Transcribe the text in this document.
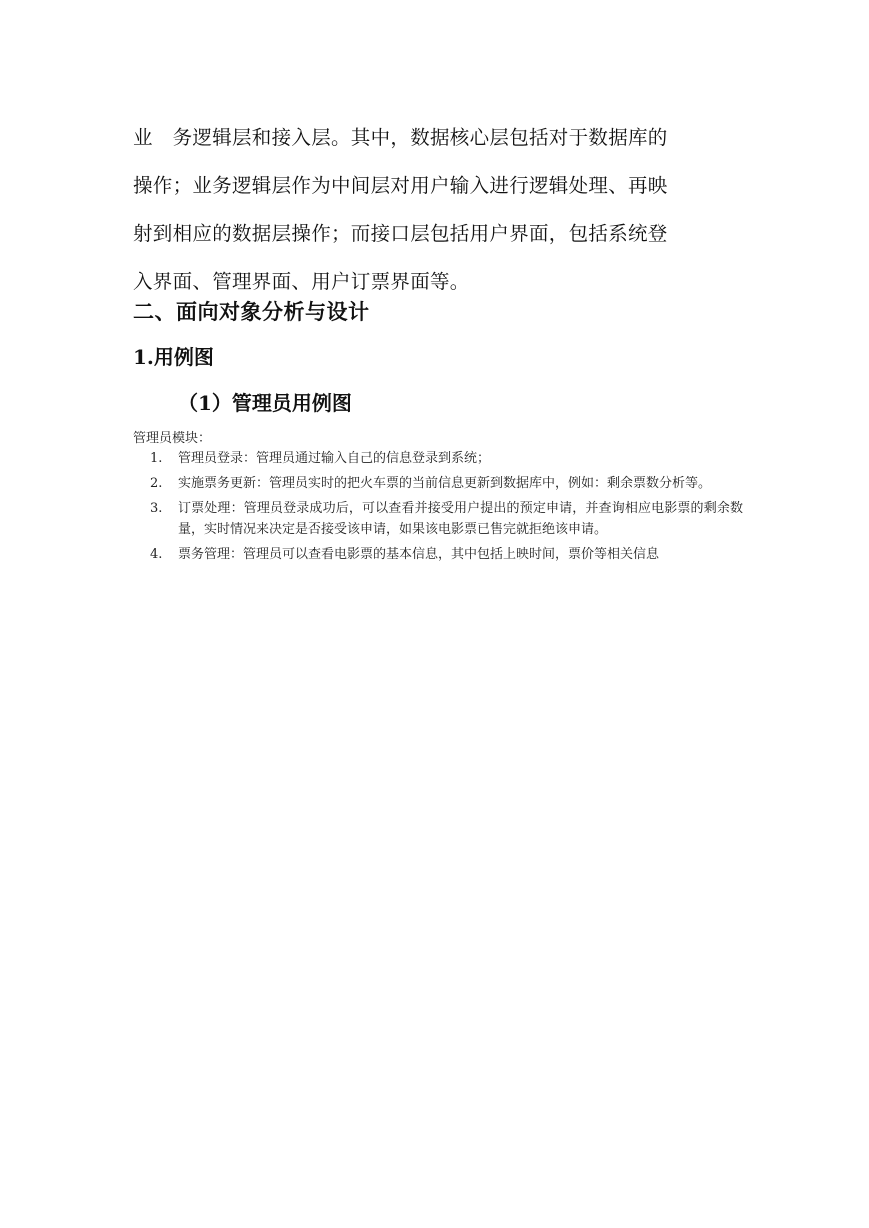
业　务逻辑层和接入层。其中，数据核心层包括对于数据库的

操作；业务逻辑层作为中间层对用户输入进行逻辑处理、再映

射到相应的数据层操作；而接口层包括用户界面，包括系统登

入界面、管理界面、用户订票界面等。

二、面向对象分析与设计
1.用例图
（1）管理员用例图

管理员模块：

1. 管理员登录：管理员通过输入自己的信息登录到系统；
2. 实施票务更新：管理员实时的把火车票的当前信息更新到数据库中，例如：剩余票数分析等。
3. 订票处理：管理员登录成功后，可以查看并接受用户提出的预定申请，并查询相应电影票的剩余数量，实时情况来决定是否接受该申请，如果该电影票已售完就拒绝该申请。
4. 票务管理：管理员可以查看电影票的基本信息，其中包括上映时间，票价等相关信息
